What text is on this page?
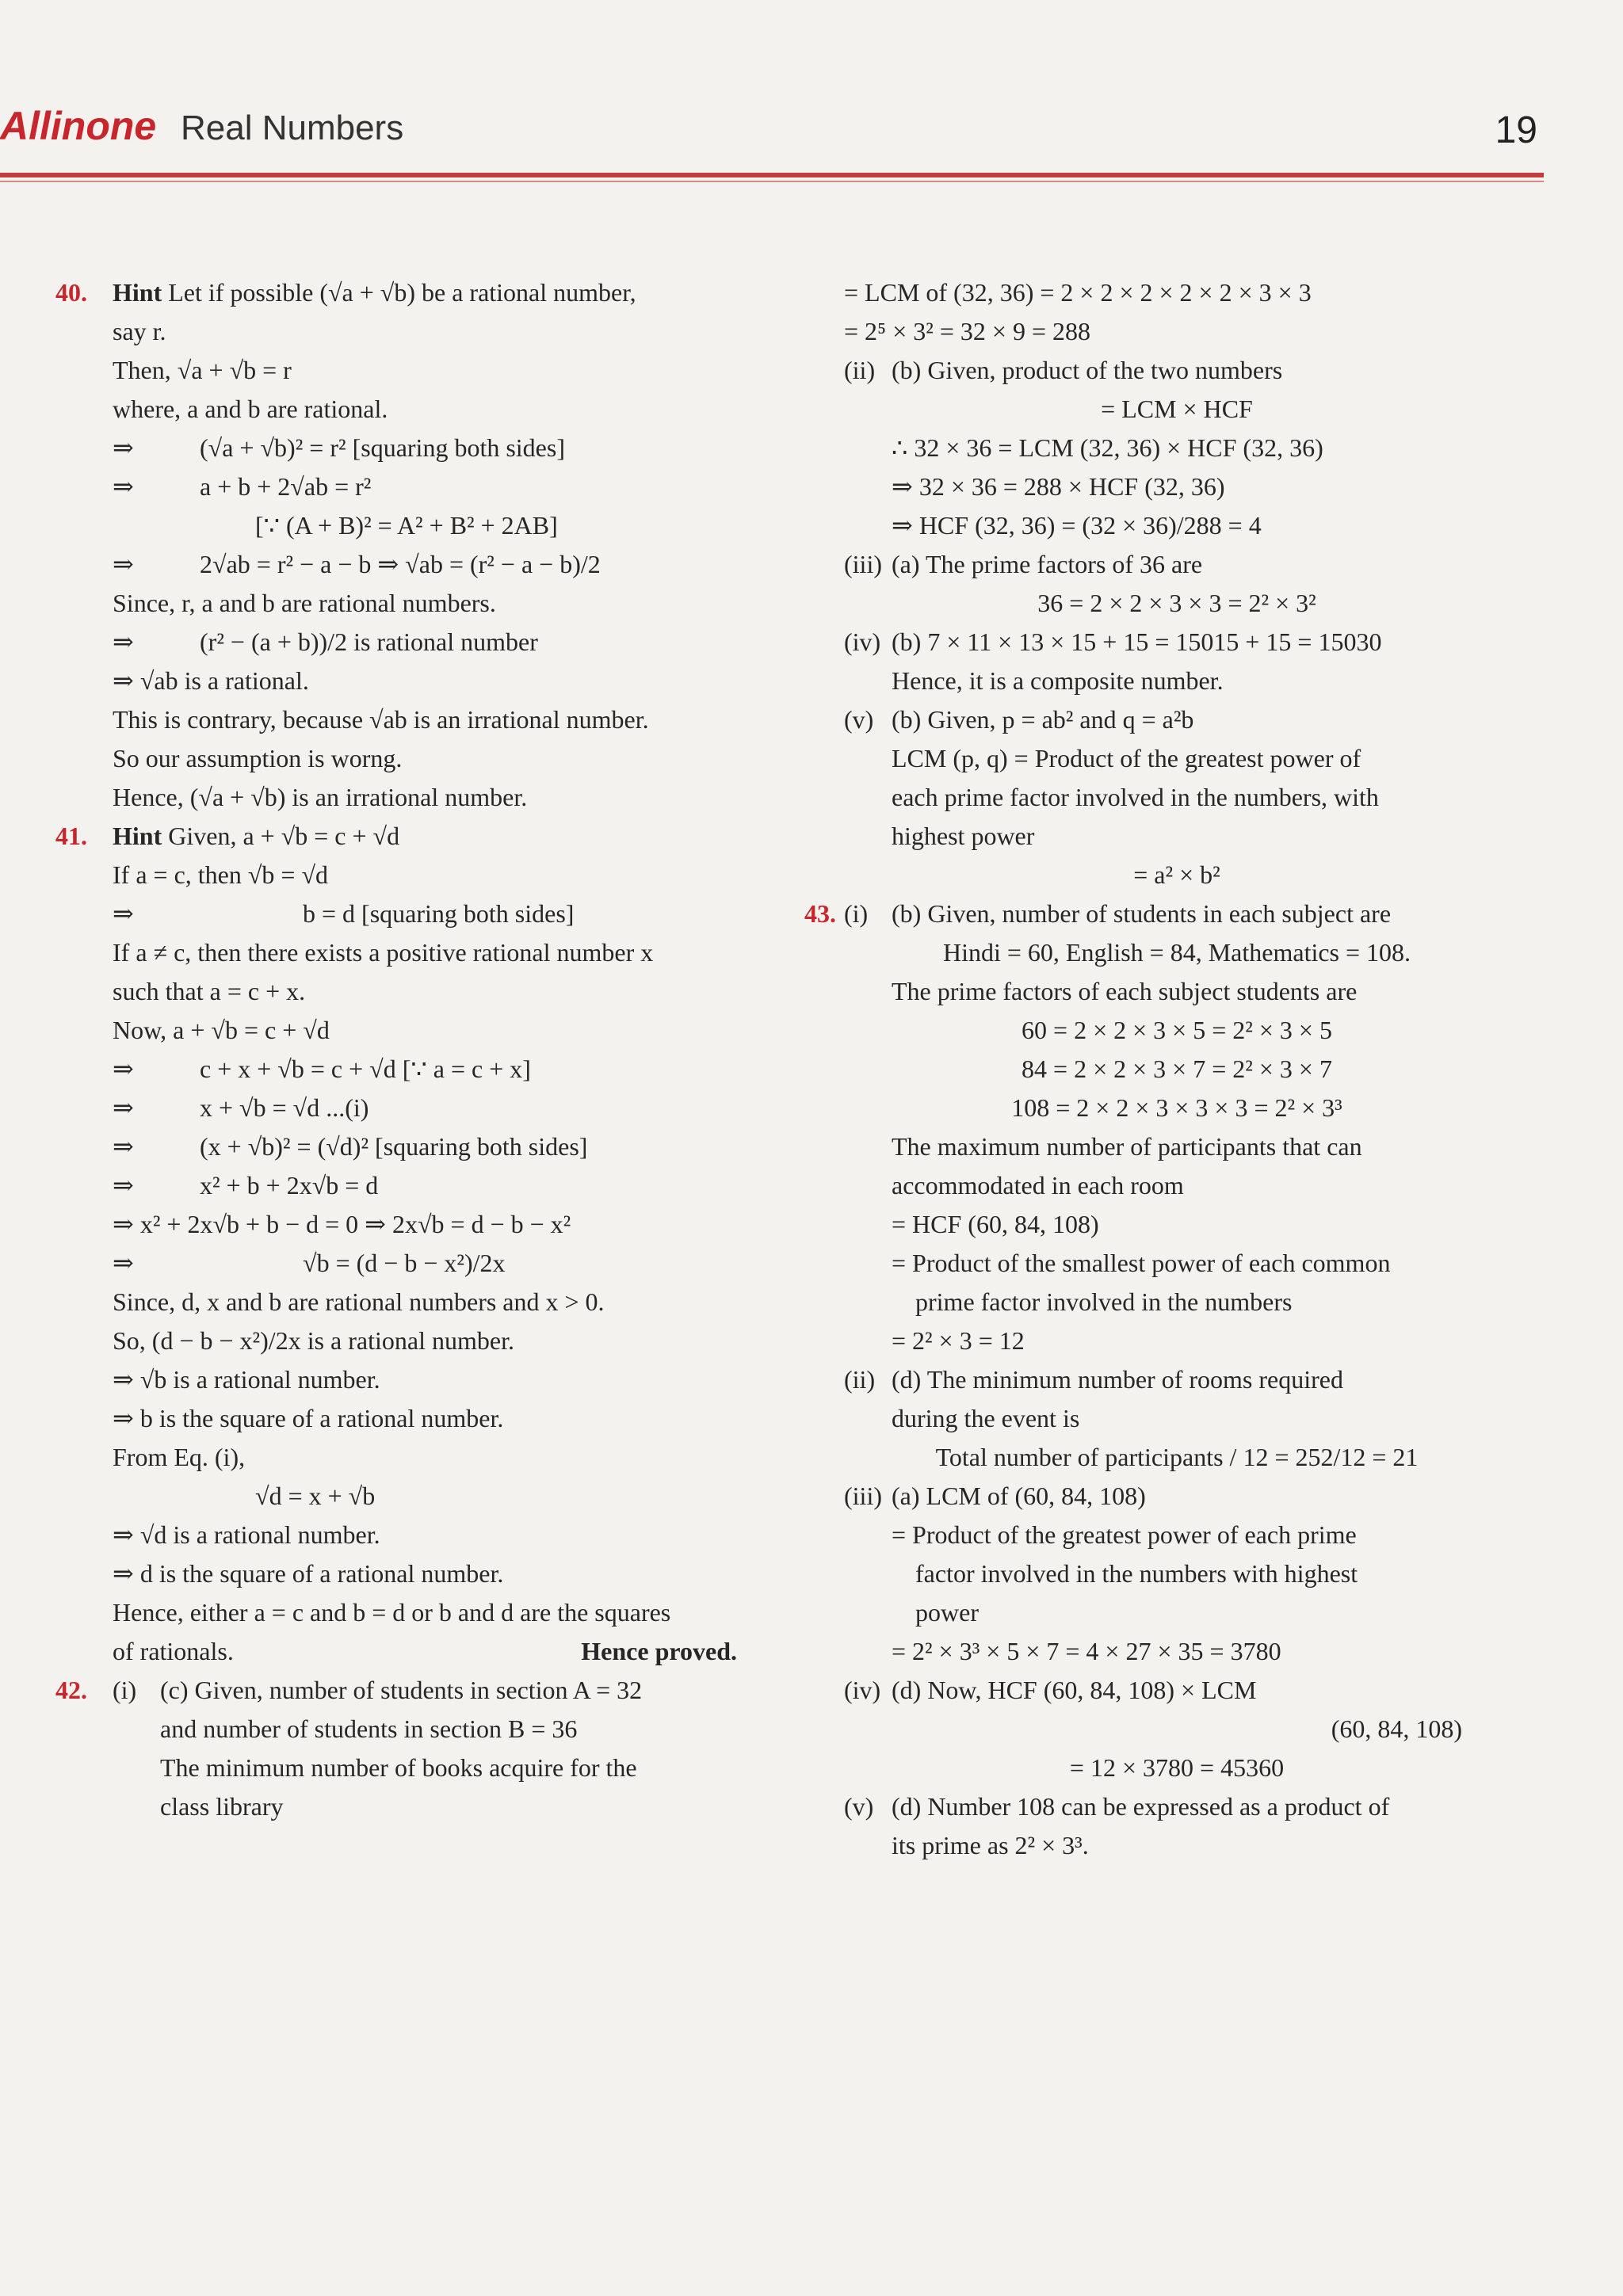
Allinone Real Numbers	19
40.	Hint Let if possible (√a + √b) be a rational number,
say r.
Then, √a + √b = r
where, a and b are rational.
⇒	(√a + √b)² = r² [squaring both sides]
⇒	a + b + 2√ab = r²
[∵ (A + B)² = A² + B² + 2AB]
⇒	2√ab = r² − a − b ⇒ √ab = (r² − a − b)/2
Since, r, a and b are rational numbers.
⇒	(r² − (a + b))/2 is rational number
⇒ √ab is a rational.
This is contrary, because √ab is an irrational number.
So our assumption is worng.
Hence, (√a + √b) is an irrational number.
41.	Hint Given, a + √b = c + √d
If a = c, then √b = √d
⇒	b = d [squaring both sides]
If a ≠ c, then there exists a positive rational number x
such that a = c + x.
Now, a + √b = c + √d
⇒	c + x + √b = c + √d [∵ a = c + x]
⇒	x + √b = √d ...(i)
⇒	(x + √b)² = (√d)² [squaring both sides]
⇒	x² + b + 2x√b = d
⇒ x² + 2x√b + b − d = 0 ⇒ 2x√b = d − b − x²
⇒	√b = (d − b − x²)/2x
Since, d, x and b are rational numbers and x > 0.
So, (d − b − x²)/2x is a rational number.
⇒ √b is a rational number.
⇒ b is the square of a rational number.
From Eq. (i),
√d = x + √b
⇒ √d is a rational number.
⇒ d is the square of a rational number.
Hence, either a = c and b = d or b and d are the squares
of rationals.	Hence proved.
42.	(i) (c) Given, number of students in section A = 32
and number of students in section B = 36
The minimum number of books acquire for the
class library
= LCM of (32, 36) = 2 × 2 × 2 × 2 × 2 × 3 × 3
= 2⁵ × 3² = 32 × 9 = 288
(ii) (b) Given, product of the two numbers
= LCM × HCF
∴ 32 × 36 = LCM (32, 36) × HCF (32, 36)
⇒ 32 × 36 = 288 × HCF (32, 36)
⇒ HCF (32, 36) = (32 × 36)/288 = 4
(iii) (a) The prime factors of 36 are
36 = 2 × 2 × 3 × 3 = 2² × 3²
(iv) (b) 7 × 11 × 13 × 15 + 15 = 15015 + 15 = 15030
Hence, it is a composite number.
(v) (b) Given, p = ab² and q = a²b
LCM (p, q) = Product of the greatest power of
each prime factor involved in the numbers, with
highest power
= a² × b²
43. (i) (b) Given, number of students in each subject are
Hindi = 60, English = 84, Mathematics = 108.
The prime factors of each subject students are
60 = 2 × 2 × 3 × 5 = 2² × 3 × 5
84 = 2 × 2 × 3 × 7 = 2² × 3 × 7
108 = 2 × 2 × 3 × 3 × 3 = 2² × 3³
The maximum number of participants that can
accommodated in each room
= HCF (60, 84, 108)
= Product of the smallest power of each common
prime factor involved in the numbers
= 2² × 3 = 12
(ii) (d) The minimum number of rooms required
during the event is
Total number of participants / 12 = 252/12 = 21
(iii) (a) LCM of (60, 84, 108)
= Product of the greatest power of each prime
factor involved in the numbers with highest
power
= 2² × 3³ × 5 × 7 = 4 × 27 × 35 = 3780
(iv) (d) Now, HCF (60, 84, 108) × LCM
(60, 84, 108)
= 12 × 3780 = 45360
(v) (d) Number 108 can be expressed as a product of
its prime as 2² × 3³.
